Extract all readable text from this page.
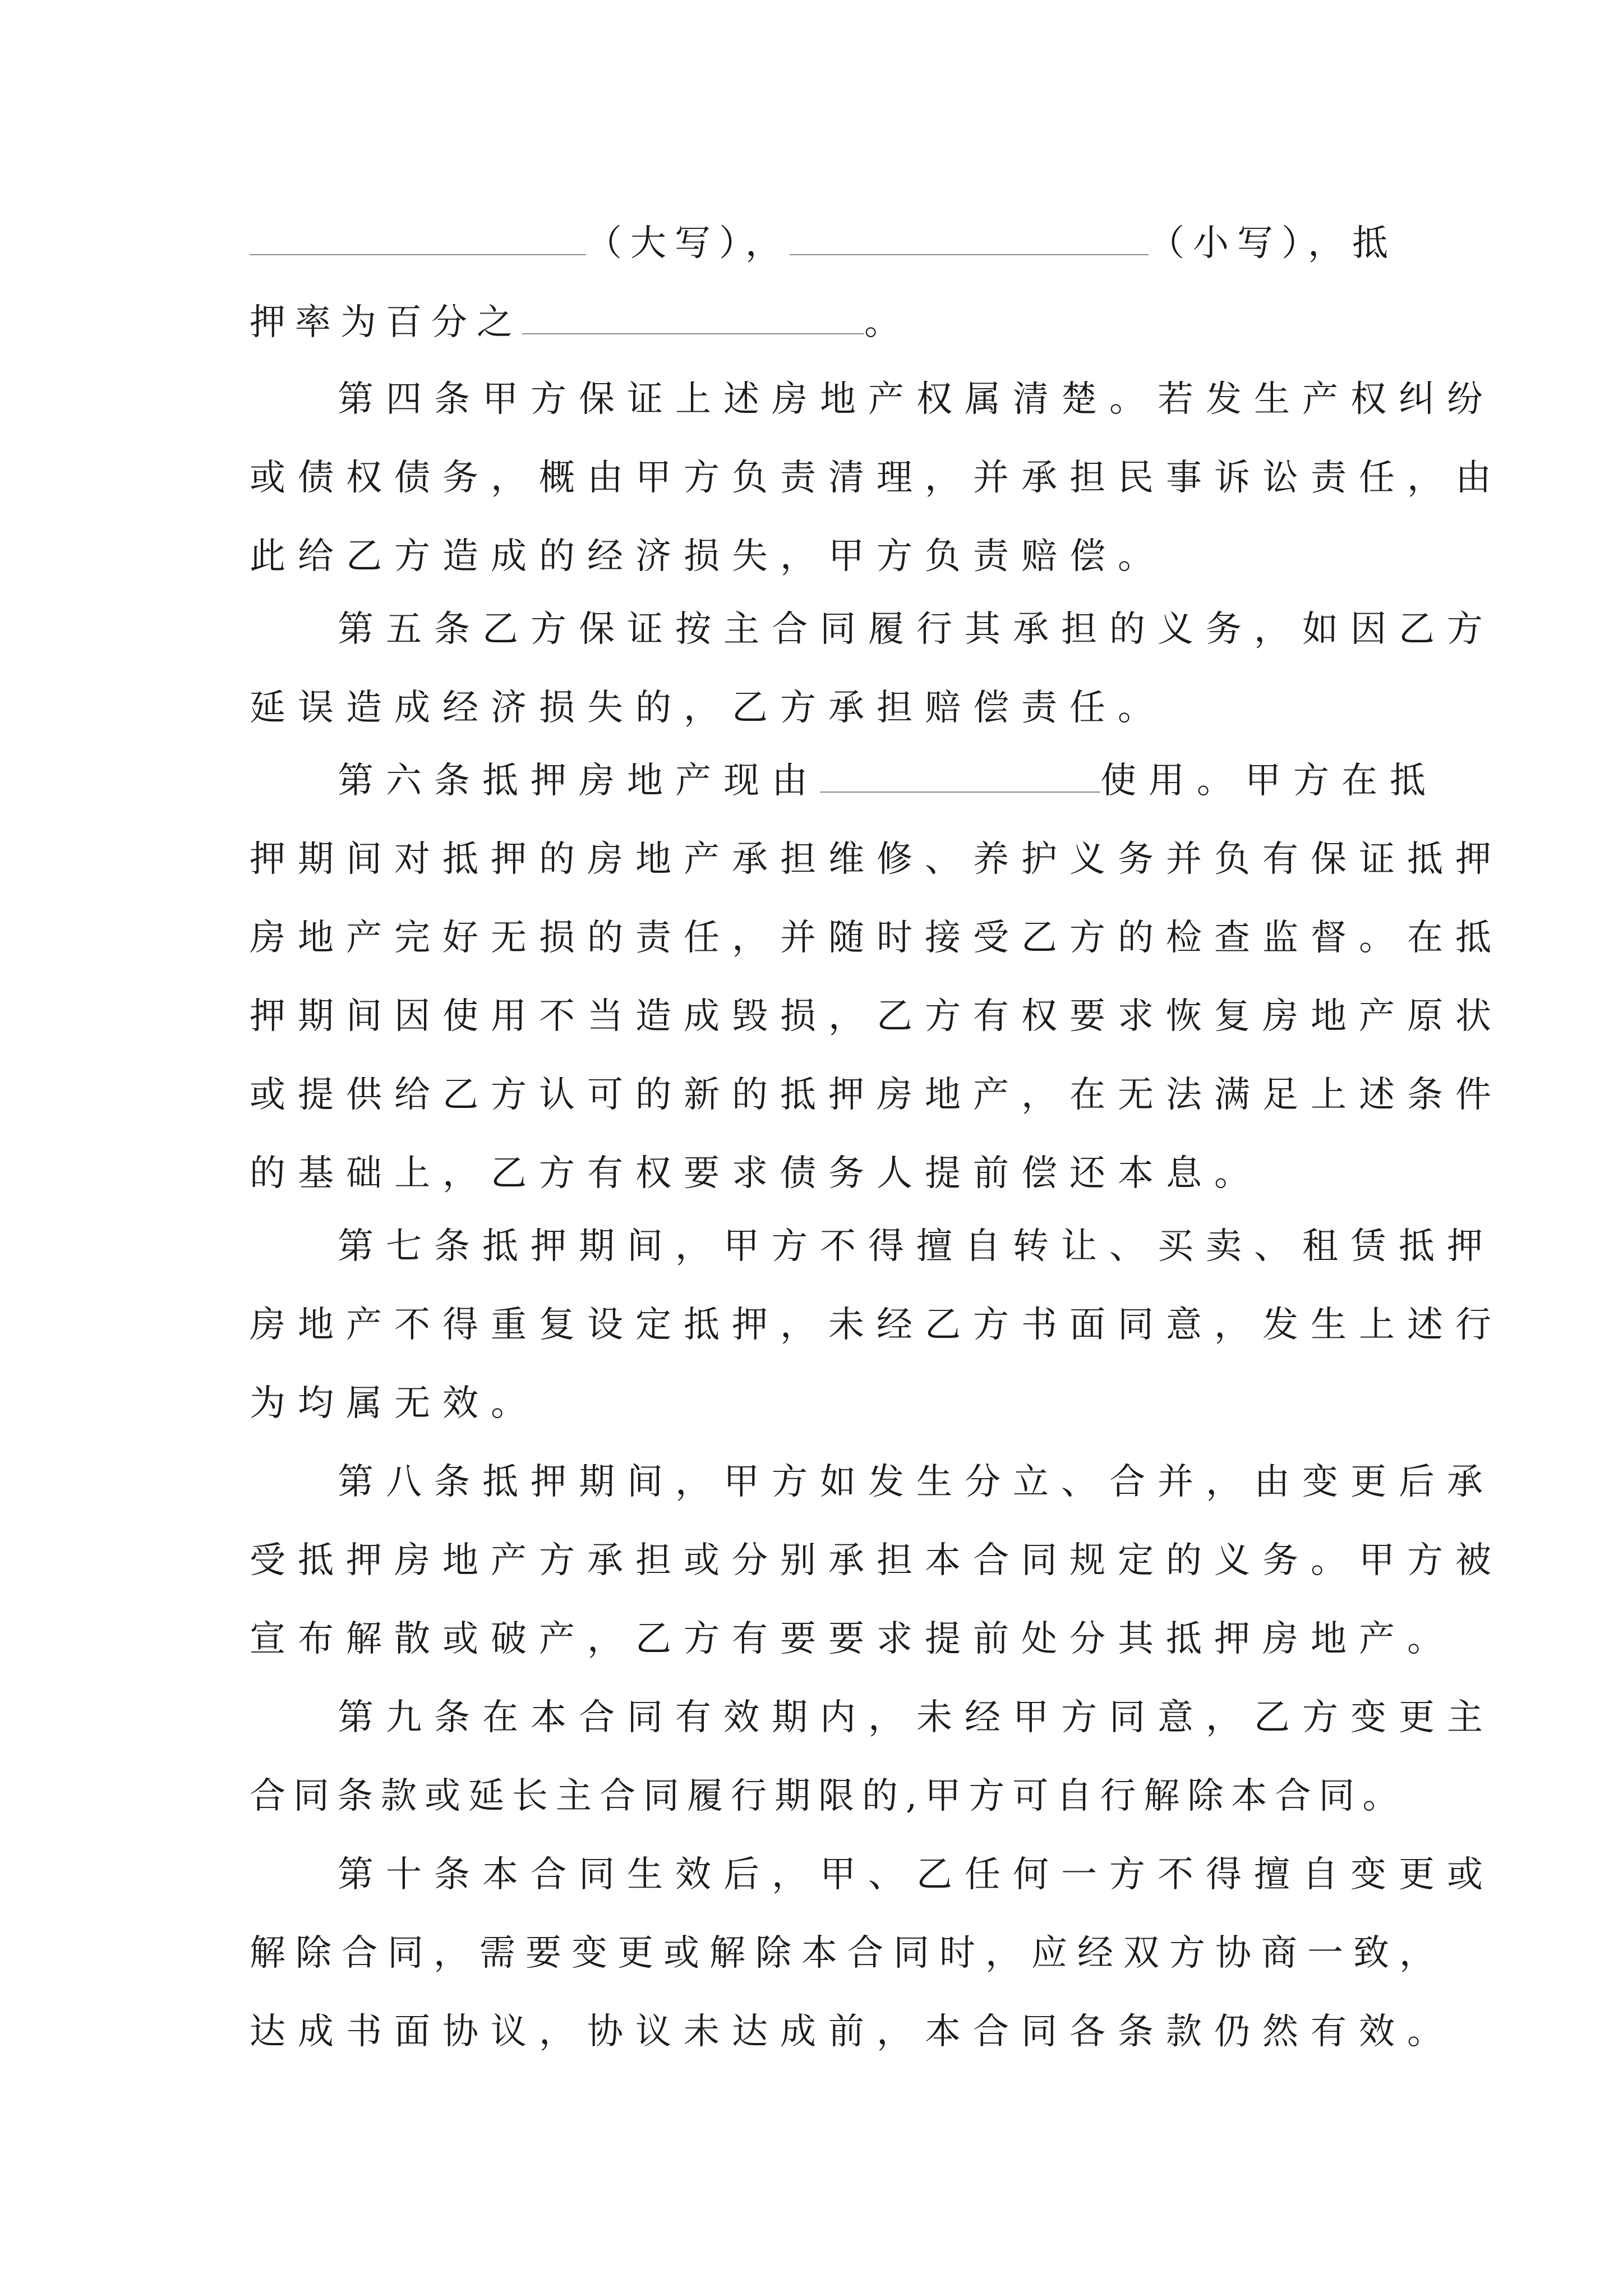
（大写），	（小写），抵
押率为百分之	。
第四条甲方保证上述房地产权属清楚。若发生产权纠纷
或债权债务，概由甲方负责清理，并承担民事诉讼责任，由
此给乙方造成的经济损失，甲方负责赔偿。
第五条乙方保证按主合同履行其承担的义务，如因乙方
延误造成经济损失的，乙方承担赔偿责任。
第六条抵押房地产现由	使用。甲方在抵
押期间对抵押的房地产承担维修、养护义务并负有保证抵押
房地产完好无损的责任，并随时接受乙方的检查监督。在抵
押期间因使用不当造成毁损，乙方有权要求恢复房地产原状
或提供给乙方认可的新的抵押房地产，在无法满足上述条件
的基础上，乙方有权要求债务人提前偿还本息。
第七条抵押期间，甲方不得擅自转让、买卖、租赁抵押
房地产不得重复设定抵押，未经乙方书面同意，发生上述行
为均属无效。
第八条抵押期间，甲方如发生分立、合并，由变更后承
受抵押房地产方承担或分别承担本合同规定的义务。甲方被
宣布解散或破产，乙方有要要求提前处分其抵押房地产。
第九条在本合同有效期内，未经甲方同意，乙方变更主
合同条款或延长主合同履行期限的,甲方可自行解除本合同。
第十条本合同生效后，甲、乙任何一方不得擅自变更或
解除合同，需要变更或解除本合同时，应经双方协商一致，
达成书面协议，协议未达成前，本合同各条款仍然有效。
